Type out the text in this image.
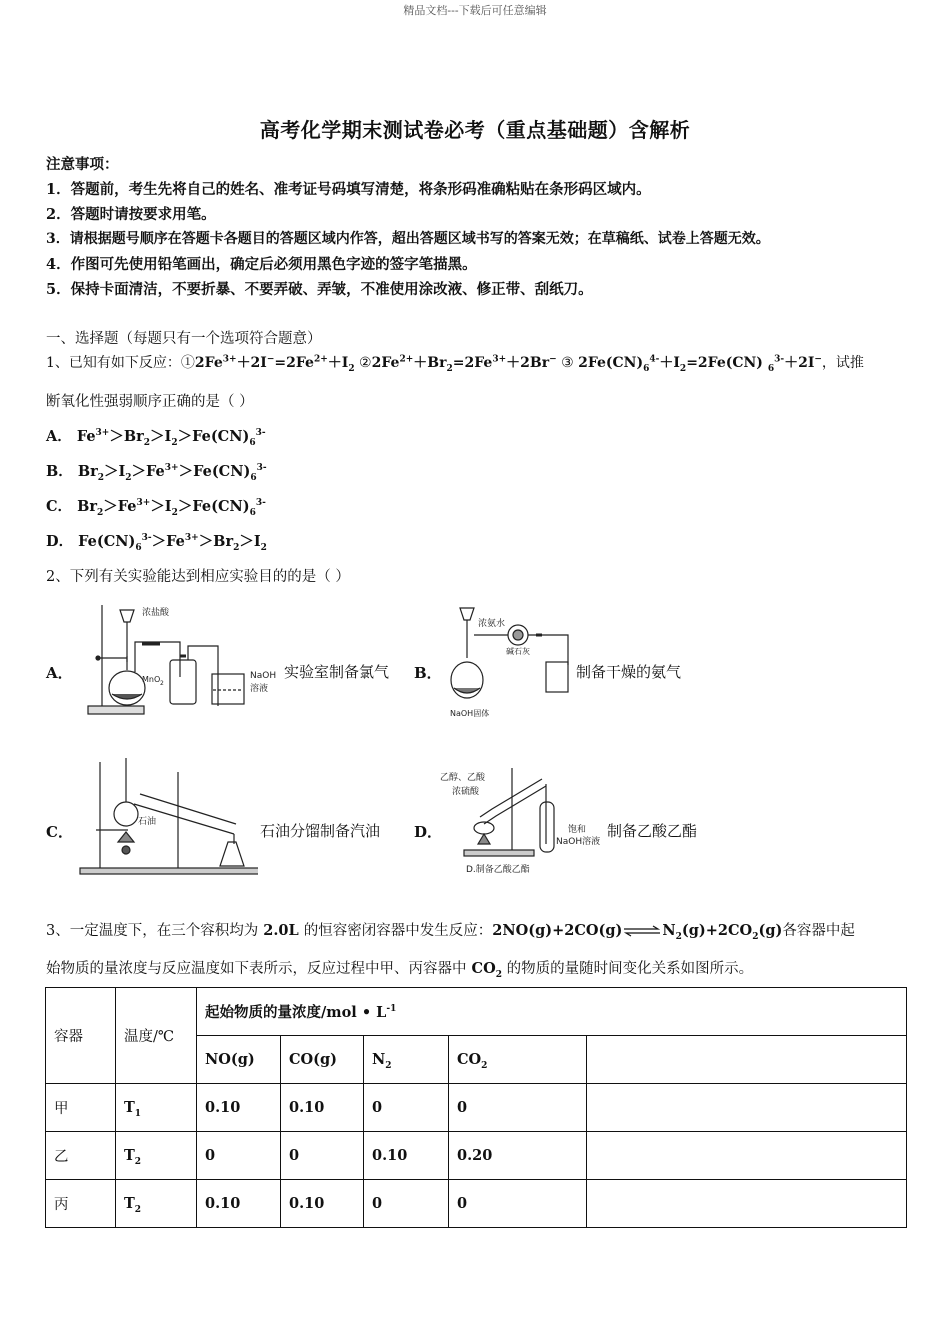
精品文档---下载后可任意编辑
高考化学期末测试卷必考（重点基础题）含解析
注意事项：
1．答题前，考生先将自己的姓名、准考证号码填写清楚，将条形码准确粘贴在条形码区域内。
2．答题时请按要求用笔。
3．请根据题号顺序在答题卡各题目的答题区域内作答，超出答题区域书写的答案无效；在草稿纸、试卷上答题无效。
4．作图可先使用铅笔画出，确定后必须用黑色字迹的签字笔描黑。
5．保持卡面清洁，不要折暴、不要弄破、弄皱，不准使用涂改液、修正带、刮纸刀。
一、选择题（每题只有一个选项符合题意）
1、已知有如下反应：$①2Fe^{3+}+2I^-=2Fe^{2+}+I_2$ $②2Fe^{2+}+Br_2=2Fe^{3+}+2Br^-$ ③ $2Fe(CN)_6^{4-}+I_2=2Fe(CN)$ $_6^{3-}$＋2I−，试推
断氧化性强弱顺序正确的是（ ）
A． $Fe^{3+}>Br_2>I_2>Fe(CN)_6^{3-}$
B． $Br_2>I_2>Fe^{3+}>Fe(CN)_6^{3-}$
C． $Br_2>Fe^{3+}>I_2>Fe(CN)_6^{3-}$
D． $Fe(CN)_6^{3-}>Fe^{3+}>Br_2>I_2$
2、下列有关实验能达到相应实验目的的是（ ）
A．
浓盐酸
MnO 2
NaOH
溶液
实验室制备氯气 B．
浓氨水
碱石灰
NaOH固体
制备干燥的氨气
C．
石油	石油分馏制备汽油 D．
乙醇、乙酸
浓硫酸
饱和
NaOH溶液
D.制备乙酸乙酯
制备乙酸乙酯
3、一定温度下，在三个容积均为 2.0L 的恒容密闭容器中发生反应：$2NO(g)+2CO(g)\rightleftharpoons N_2(g)+2CO_2(g)$各容器中起
始物质的量浓度与反应温度如下表所示，反应过程中甲、丙容器中 $CO_2$ 的物质的量随时间变化关系如图所示。
容器	温度/℃	起始物质的量浓度/mol • $L^{-1}$
		NO(g)	CO(g)	$N_2$	$CO_2$	
甲	$T_1$	0.10	0.10	0	0	
乙	$T_2$	0	0	0.10	0.20	
丙	$T_2$	0.10	0.10	0	0	
